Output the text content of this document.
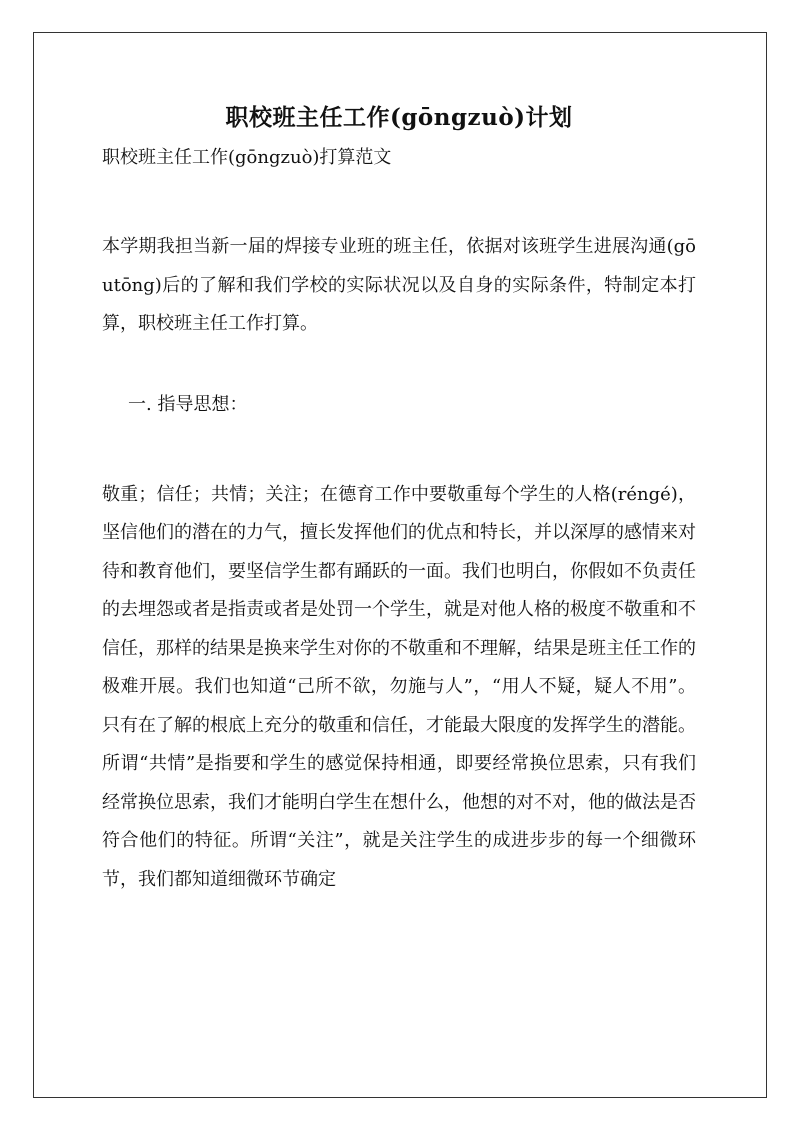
职校班主任工作(gōngzuò)计划

职校班主任工作(gōngzuò)打算范文

本学期我担当新一届的焊接专业班的班主任，依据对该班学生进展沟通(gōutōng)后的了解和我们学校的实际状况以及自身的实际条件，特制定本打算，职校班主任工作打算。

一. 指导思想：

敬重；信任；共情；关注；在德育工作中要敬重每个学生的人格(réngé)，坚信他们的潜在的力气，擅长发挥他们的优点和特长，并以深厚的感情来对待和教育他们，要坚信学生都有踊跃的一面。我们也明白，你假如不负责任的去埋怨或者是指责或者是处罚一个学生，就是对他人格的极度不敬重和不信任，那样的结果是换来学生对你的不敬重和不理解，结果是班主任工作的极难开展。我们也知道“己所不欲，勿施与人”，“用人不疑，疑人不用”。只有在了解的根底上充分的敬重和信任，才能最大限度的发挥学生的潜能。所谓“共情”是指要和学生的感觉保持相通，即要经常换位思索，只有我们经常换位思索，我们才能明白学生在想什么，他想的对不对，他的做法是否符合他们的特征。所谓“关注”，就是关注学生的成进步步的每一个细微环节，我们都知道细微环节确定
